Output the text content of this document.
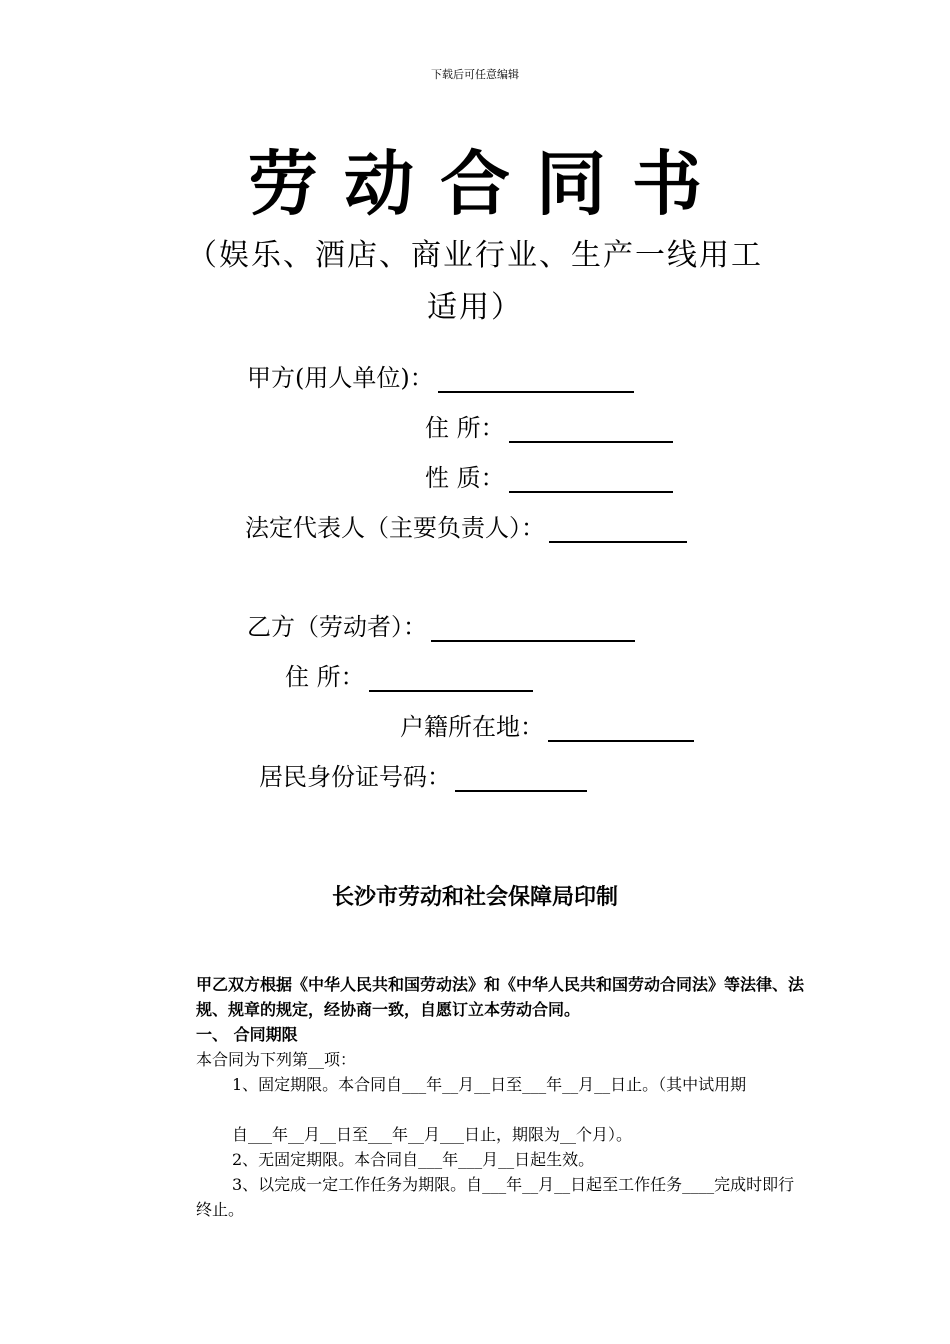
下载后可任意编辑
劳动合同书
（娱乐、酒店、商业行业、生产一线用工
适用）
甲方(用人单位)：
住 所：
性 质：
法定代表人（主要负责人）：
乙方（劳动者）：
住 所：
户籍所在地：
居民身份证号码：
长沙市劳动和社会保障局印制
甲乙双方根据《中华人民共和国劳动法》和《中华人民共和国劳动合同法》等法律、法规、规章的规定，经协商一致，自愿订立本劳动合同。
一、 合同期限
本合同为下列第__项：
1、固定期限。本合同自___年__月__日至___年__月__日止。（其中试用期
自___年__月__日至___年__月___日止，期限为__个月）。
2、无固定期限。本合同自___年___月__日起生效。
3、以完成一定工作任务为期限。自___年__月__日起至工作任务____完成时即行终止。
